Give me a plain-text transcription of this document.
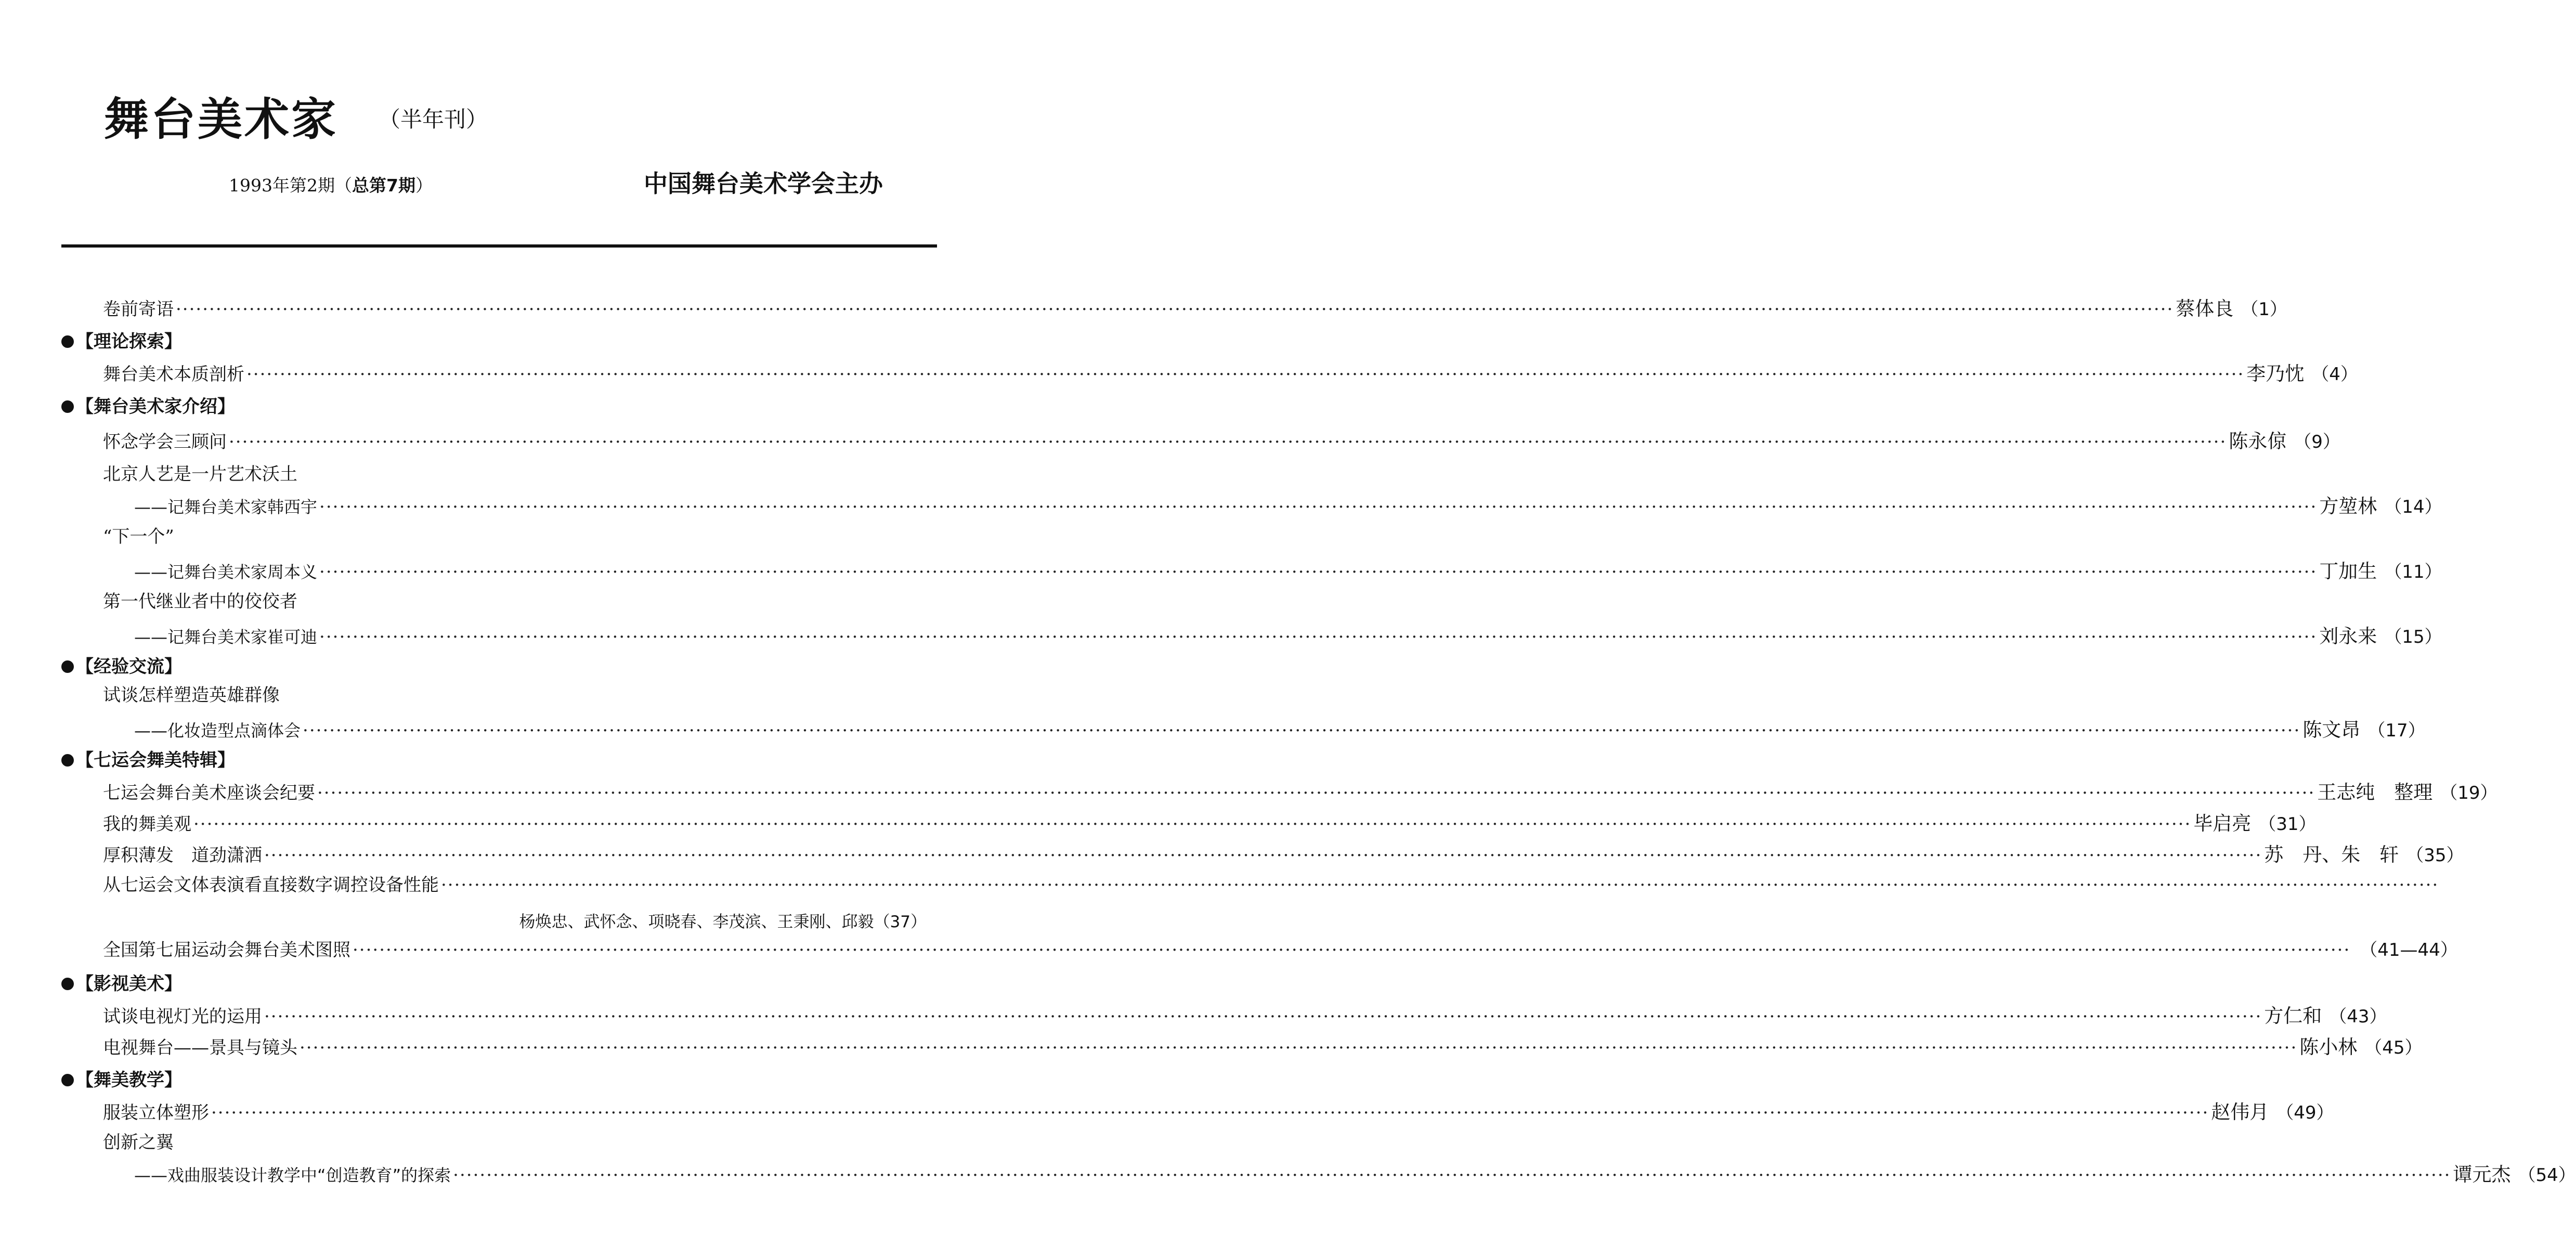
舞台美术家 （半年刊）
1993年第2期（总第7期）	中国舞台美术学会主办
卷前寄语 ············································································································································································································································································································ 蔡体良 （1）
【理论探索】
舞台美术本质剖析 ············································································································································································································································································································ 李乃忱 （4）
【舞台美术家介绍】
怀念学会三顾问 ············································································································································································································································································································ 陈永倞 （9）
北京人艺是一片艺术沃土
——记舞台美术家韩西宇 ············································································································································································································································································································ 方堃林 （14）
“下一个”
——记舞台美术家周本义 ············································································································································································································································································································ 丁加生 （11）
第一代继业者中的佼佼者
——记舞台美术家崔可迪 ············································································································································································································································································································ 刘永来 （15）
【经验交流】
试谈怎样塑造英雄群像
——化妆造型点滴体会 ············································································································································································································································································································ 陈文昂 （17）
【七运会舞美特辑】
七运会舞台美术座谈会纪要 ············································································································································································································································································································ 王志纯　整理 （19）
我的舞美观 ············································································································································································································································································································ 毕启亮 （31）
厚积薄发　道劲潇洒 ············································································································································································································································································································ 苏　丹、朱　轩 （35）
从七运会文体表演看直接数字调控设备性能 ············································································································································································································································································································
杨焕忠、武怀念、项晓春、李茂滨、王秉刚、邱毅（37）
全国第七届运动会舞台美术图照 ············································································································································································································································································································ （41—44）
【影视美术】
试谈电视灯光的运用 ············································································································································································································································································································ 方仁和 （43）
电视舞台——景具与镜头 ············································································································································································································································································································ 陈小林 （45）
【舞美教学】
服装立体塑形 ············································································································································································································································································································ 赵伟月 （49）
创新之翼
——戏曲服装设计教学中“创造教育”的探索 ············································································································································································································································································································ 谭元杰 （54）
